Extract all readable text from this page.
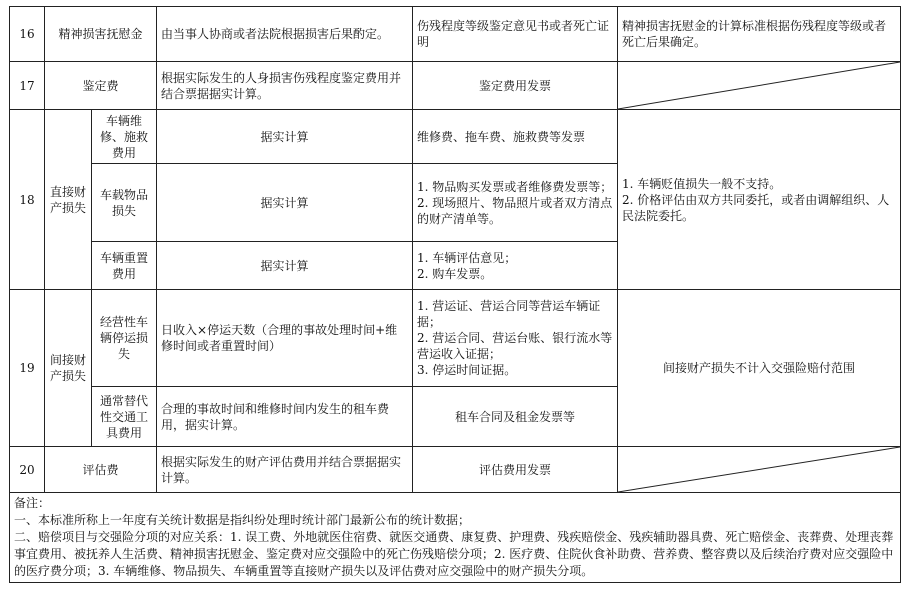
16	精神损害抚慰金		由当事人协商或者法院根据损害后果酌定。	伤残程度等级鉴定意见书或者死亡证明	精神损害抚慰金的计算标准根据伤残程度等级或者死亡后果确定。
17	鉴定费		根据实际发生的人身损害伤残程度鉴定费用并结合票据据实计算。	鉴定费用发票	

18	直接财产损失	车辆维修、施救费用	据实计算	维修费、拖车费、施救费等发票	1. 车辆贬值损失一般不支持。
2. 价格评估由双方共同委托，或者由调解组织、人民法院委托。
		车载物品损失	据实计算	1. 物品购买发票或者维修费发票等；
2. 现场照片、物品照片或者双方清点的财产清单等。	
		车辆重置费用	据实计算	1. 车辆评估意见；
2. 购车发票。	
19	间接财产损失	经营性车辆停运损失	日收入×停运天数（合理的事故处理时间+维修时间或者重置时间）	1. 营运证、营运合同等营运车辆证据；
2. 营运合同、营运台账、银行流水等营运收入证据；
3. 停运时间证据。	间接财产损失不计入交强险赔付范围
		通常替代性交通工具费用	合理的事故时间和维修时间内发生的租车费用，据实计算。	租车合同及租金发票等	
20	评估费		根据实际发生的财产评估费用并结合票据据实计算。	评估费用发票	

备注：
一、本标准所称上一年度有关统计数据是指纠纷处理时统计部门最新公布的统计数据；
二、赔偿项目与交强险分项的对应关系：1. 误工费、外地就医住宿费、就医交通费、康复费、护理费、残疾赔偿金、残疾辅助器具费、死亡赔偿金、丧葬费、处理丧葬事宜费用、被抚养人生活费、精神损害抚慰金、鉴定费对应交强险中的死亡伤残赔偿分项；2. 医疗费、住院伙食补助费、营养费、整容费以及后续治疗费对应交强险中的医疗费分项；3. 车辆维修、物品损失、车辆重置等直接财产损失以及评估费对应交强险中的财产损失分项。					
